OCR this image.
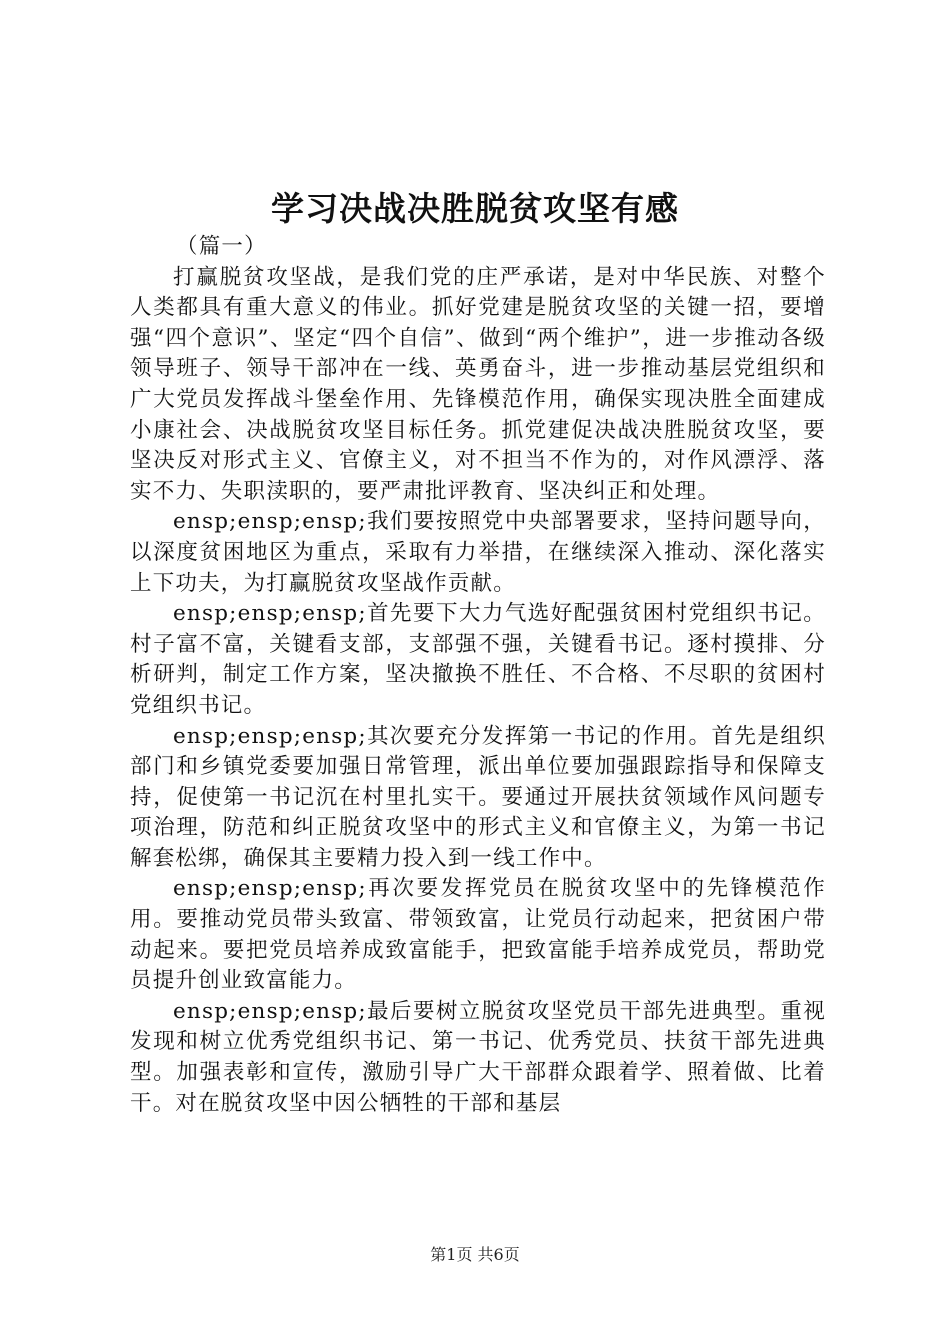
学习决战决胜脱贫攻坚有感

（篇一）

打赢脱贫攻坚战，是我们党的庄严承诺，是对中华民族、对整个人类都具有重大意义的伟业。抓好党建是脱贫攻坚的关键一招，要增强“四个意识”、坚定“四个自信”、做到“两个维护”，进一步推动各级领导班子、领导干部冲在一线、英勇奋斗，进一步推动基层党组织和广大党员发挥战斗堡垒作用、先锋模范作用，确保实现决胜全面建成小康社会、决战脱贫攻坚目标任务。抓党建促决战决胜脱贫攻坚，要坚决反对形式主义、官僚主义，对不担当不作为的，对作风漂浮、落实不力、失职渎职的，要严肃批评教育、坚决纠正和处理。

ensp;ensp;ensp;我们要按照党中央部署要求，坚持问题导向，以深度贫困地区为重点，采取有力举措，在继续深入推动、深化落实上下功夫，为打赢脱贫攻坚战作贡献。

ensp;ensp;ensp;首先要下大力气选好配强贫困村党组织书记。村子富不富，关键看支部，支部强不强，关键看书记。逐村摸排、分析研判，制定工作方案，坚决撤换不胜任、不合格、不尽职的贫困村党组织书记。

ensp;ensp;ensp;其次要充分发挥第一书记的作用。首先是组织部门和乡镇党委要加强日常管理，派出单位要加强跟踪指导和保障支持，促使第一书记沉在村里扎实干。要通过开展扶贫领域作风问题专项治理，防范和纠正脱贫攻坚中的形式主义和官僚主义，为第一书记解套松绑，确保其主要精力投入到一线工作中。

ensp;ensp;ensp;再次要发挥党员在脱贫攻坚中的先锋模范作用。要推动党员带头致富、带领致富，让党员行动起来，把贫困户带动起来。要把党员培养成致富能手，把致富能手培养成党员，帮助党员提升创业致富能力。

ensp;ensp;ensp;最后要树立脱贫攻坚党员干部先进典型。重视发现和树立优秀党组织书记、第一书记、优秀党员、扶贫干部先进典型。加强表彰和宣传，激励引导广大干部群众跟着学、照着做、比着干。对在脱贫攻坚中因公牺牲的干部和基层

第1页 共6页
